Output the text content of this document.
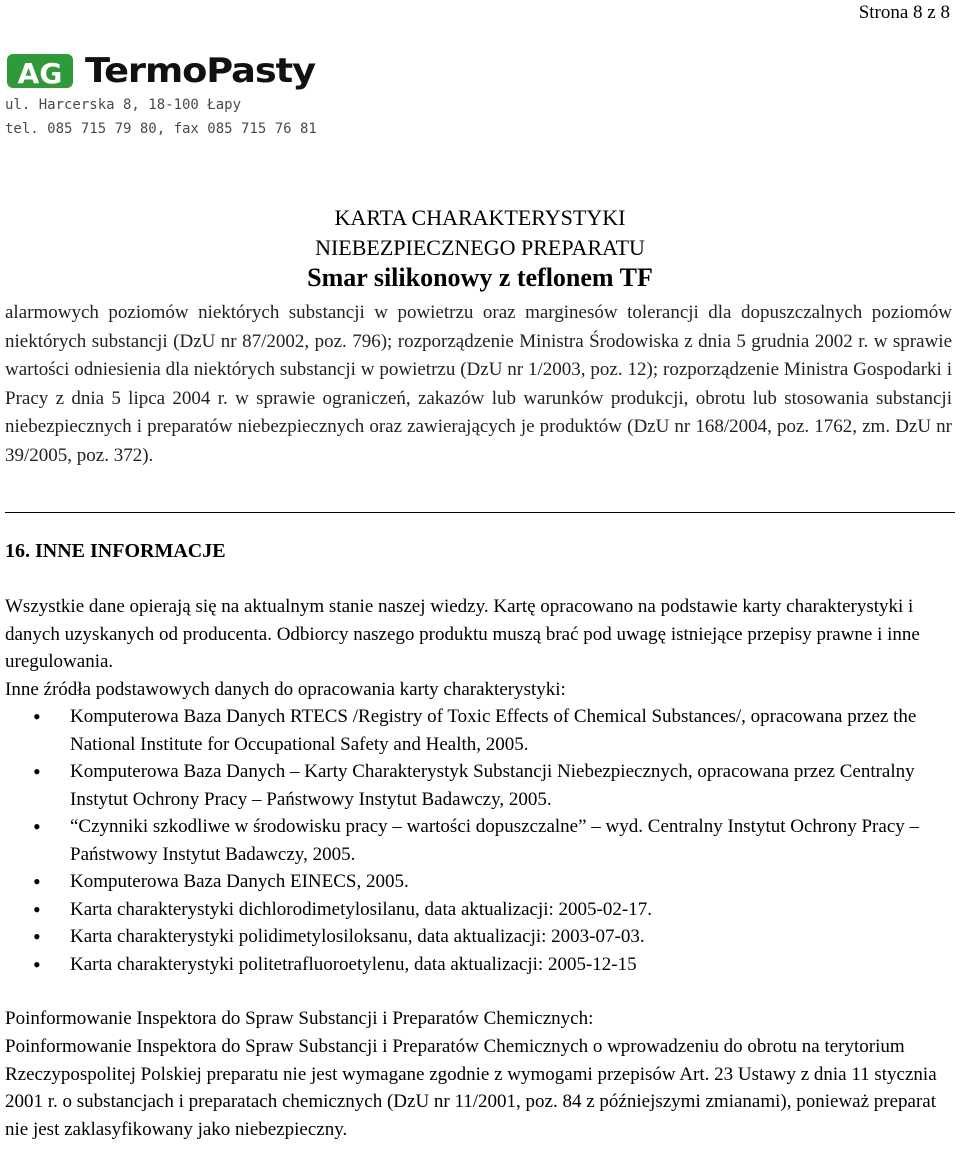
Strona 8 z 8
AG TermoPasty
ul. Harcerska 8, 18-100 Łapy
tel. 085 715 79 80, fax 085 715 76 81
KARTA CHARAKTERYSTYKI
NIEBEZPIECZNEGO PREPARATU
Smar silikonowy z teflonem TF
alarmowych poziomów niektórych substancji w powietrzu oraz marginesów tolerancji dla dopuszczalnych poziomów niektórych substancji (DzU nr 87/2002, poz. 796); rozporządzenie Ministra Środowiska z dnia 5 grudnia 2002 r. w sprawie wartości odniesienia dla niektórych substancji w powietrzu (DzU nr 1/2003, poz. 12); rozporządzenie Ministra Gospodarki i Pracy z dnia 5 lipca 2004 r. w sprawie ograniczeń, zakazów lub warunków produkcji, obrotu lub stosowania substancji niebezpiecznych i preparatów niebezpiecznych oraz zawierających je produktów (DzU nr 168/2004, poz. 1762, zm. DzU nr 39/2005, poz. 372).
16. INNE INFORMACJE

Wszystkie dane opierają się na aktualnym stanie naszej wiedzy. Kartę opracowano na podstawie karty charakterystyki i danych uzyskanych od producenta. Odbiorcy naszego produktu muszą brać pod uwagę istniejące przepisy prawne i inne uregulowania.

Inne źródła podstawowych danych do opracowania karty charakterystyki:

• Komputerowa Baza Danych RTECS /Registry of Toxic Effects of Chemical Substances/, opracowana przez the National Institute for Occupational Safety and Health, 2005.
• Komputerowa Baza Danych – Karty Charakterystyk Substancji Niebezpiecznych, opracowana przez Centralny Instytut Ochrony Pracy – Państwowy Instytut Badawczy, 2005.
• “Czynniki szkodliwe w środowisku pracy – wartości dopuszczalne” – wyd. Centralny Instytut Ochrony Pracy – Państwowy Instytut Badawczy, 2005.
• Komputerowa Baza Danych EINECS, 2005.
• Karta charakterystyki dichlorodimetylosilanu, data aktualizacji: 2005-02-17.
• Karta charakterystyki polidimetylosiloksanu, data aktualizacji: 2003-07-03.
• Karta charakterystyki politetrafluoroetylenu, data aktualizacji: 2005-12-15

Poinformowanie Inspektora do Spraw Substancji i Preparatów Chemicznych:

Poinformowanie Inspektora do Spraw Substancji i Preparatów Chemicznych o wprowadzeniu do obrotu na terytorium Rzeczypospolitej Polskiej preparatu nie jest wymagane zgodnie z wymogami przepisów Art. 23 Ustawy z dnia 11 stycznia 2001 r. o substancjach i preparatach chemicznych (DzU nr 11/2001, poz. 84 z późniejszymi zmianami), ponieważ preparat nie jest zaklasyfikowany jako niebezpieczny.
